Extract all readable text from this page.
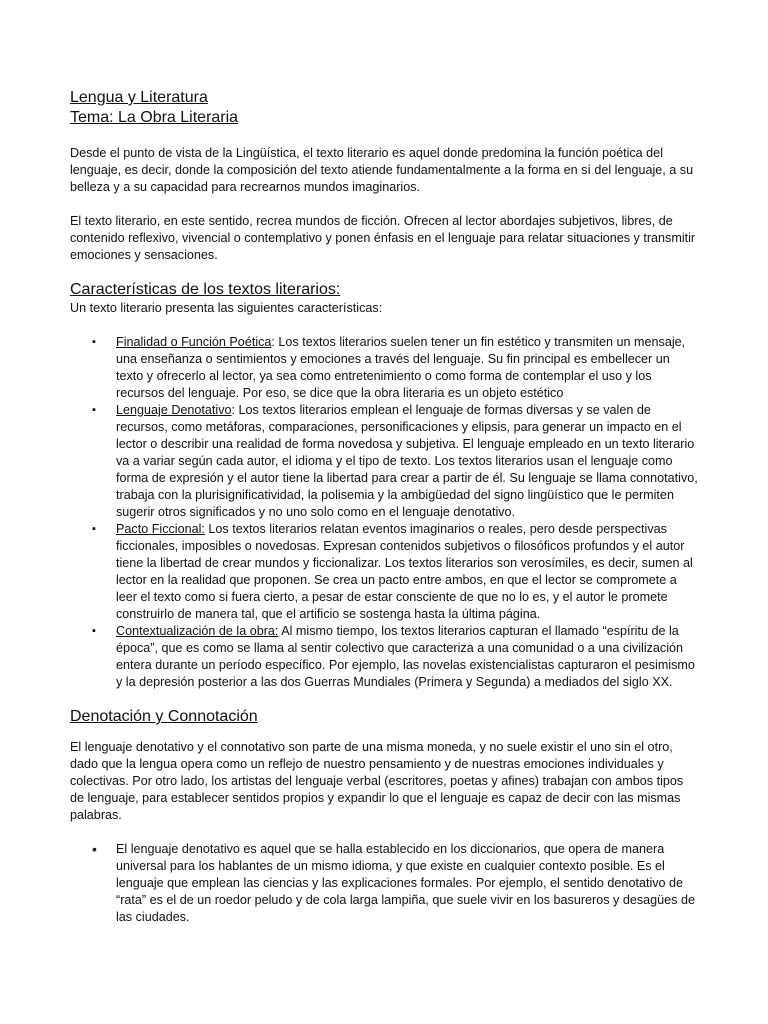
Lengua y Literatura
Tema: La Obra Literaria

Desde el punto de vista de la Lingüística, el texto literario es aquel donde predomina la función poética del lenguaje, es decir, donde la composición del texto atiende fundamentalmente a la forma en sí del lenguaje, a su belleza y a su capacidad para recrearnos mundos imaginarios.

El texto literario, en este sentido, recrea mundos de ficción. Ofrecen al lector abordajes subjetivos, libres, de contenido reflexivo, vivencial o contemplativo y ponen énfasis en el lenguaje para relatar situaciones y transmitir emociones y sensaciones.

Características de los textos literarios:

Un texto literario presenta las siguientes características:

▪ Finalidad o Función Poética: Los textos literarios suelen tener un fin estético y transmiten un mensaje, una enseñanza o sentimientos y emociones a través del lenguaje. Su fin principal es embellecer un texto y ofrecerlo al lector, ya sea como entretenimiento o como forma de contemplar el uso y los recursos del lenguaje. Por eso, se dice que la obra literaria es un objeto estético
▪ Lenguaje Denotativo: Los textos literarios emplean el lenguaje de formas diversas y se valen de recursos, como metáforas, comparaciones, personificaciones y elipsis, para generar un impacto en el lector o describir una realidad de forma novedosa y subjetiva. El lenguaje empleado en un texto literario va a variar según cada autor, el idioma y el tipo de texto. Los textos literarios usan el lenguaje como forma de expresión y el autor tiene la libertad para crear a partir de él. Su lenguaje se llama connotativo, trabaja con la plurisignificatividad, la polisemia y la ambigüedad del signo lingüístico que le permiten sugerir otros significados y no uno solo como en el lenguaje denotativo.
▪ Pacto Ficcional: Los textos literarios relatan eventos imaginarios o reales, pero desde perspectivas ficcionales, imposibles o novedosas. Expresan contenidos subjetivos o filosóficos profundos y el autor tiene la libertad de crear mundos y ficcionalizar. Los textos literarios son verosímiles, es decir, sumen al lector en la realidad que proponen. Se crea un pacto entre ambos, en que el lector se compromete a leer el texto como si fuera cierto, a pesar de estar consciente de que no lo es, y el autor le promete construirlo de manera tal, que el artificio se sostenga hasta la última página.
▪ Contextualización de la obra: Al mismo tiempo, los textos literarios capturan el llamado “espíritu de la época”, que es como se llama al sentir colectivo que caracteriza a una comunidad o a una civilización entera durante un período específico. Por ejemplo, las novelas existencialistas capturaron el pesimismo y la depresión posterior a las dos Guerras Mundiales (Primera y Segunda) a mediados del siglo XX.
Denotación y Connotación

El lenguaje denotativo y el connotativo son parte de una misma moneda, y no suele existir el uno sin el otro, dado que la lengua opera como un reflejo de nuestro pensamiento y de nuestras emociones individuales y colectivas. Por otro lado, los artistas del lenguaje verbal (escritores, poetas y afines) trabajan con ambos tipos de lenguaje, para establecer sentidos propios y expandir lo que el lenguaje es capaz de decir con las mismas palabras.

• El lenguaje denotativo es aquel que se halla establecido en los diccionarios, que opera de manera universal para los hablantes de un mismo idioma, y que existe en cualquier contexto posible. Es el lenguaje que emplean las ciencias y las explicaciones formales. Por ejemplo, el sentido denotativo de “rata” es el de un roedor peludo y de cola larga lampiña, que suele vivir en los basureros y desagües de las ciudades.
